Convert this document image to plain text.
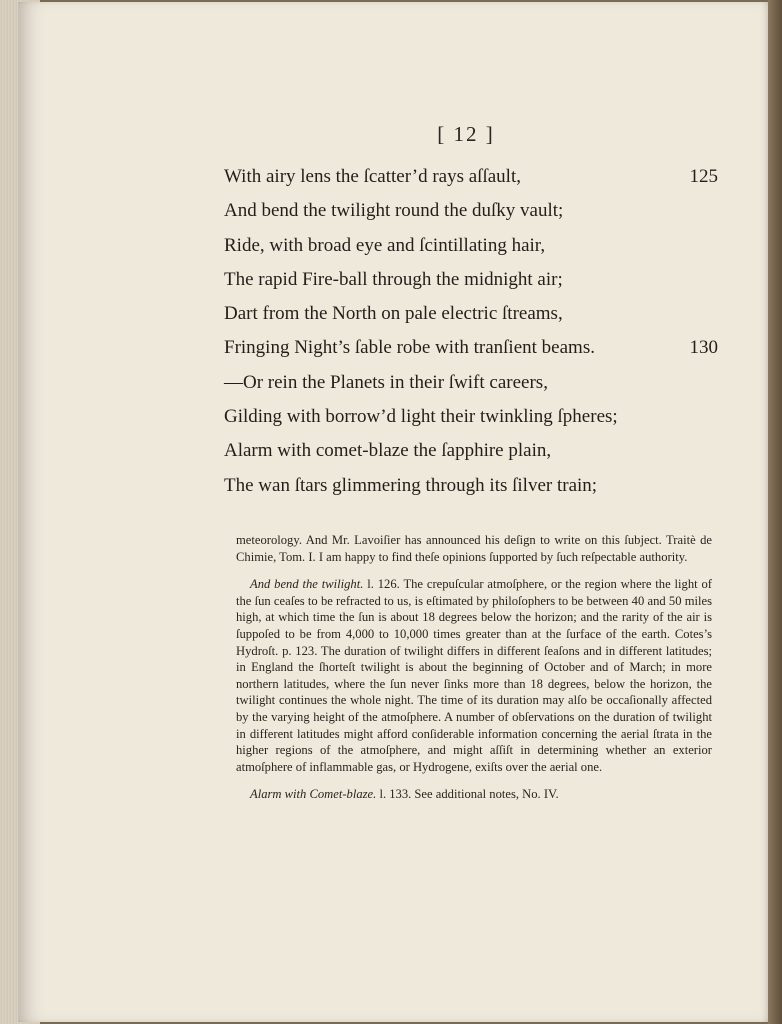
[ 12 ]
With airy lens the ſcatter’d rays aſſault,	125
And bend the twilight round the duſky vault;
Ride, with broad eye and ſcintillating hair,
The rapid Fire-ball through the midnight air;
Dart from the North on pale electric ſtreams,
Fringing Night’s ſable robe with tranſient beams.	130
—Or rein the Planets in their ſwift careers,
Gilding with borrow’d light their twinkling ſpheres;
Alarm with comet-blaze the ſapphire plain,
The wan ſtars glimmering through its ſilver train;

meteorology. And Mr. Lavoiſier has announced his deſign to write on this ſubject. Traitè de Chimie, Tom. I. I am happy to find theſe opinions ſupported by ſuch reſpectable authority.

And bend the twilight. l. 126. The crepuſcular atmoſphere, or the region where the light of the ſun ceaſes to be refracted to us, is eſtimated by philoſophers to be between 40 and 50 miles high, at which time the ſun is about 18 degrees below the horizon; and the rarity of the air is ſuppoſed to be from 4,000 to 10,000 times greater than at the ſurface of the earth. Cotes’s Hydroſt. p. 123. The duration of twilight differs in different ſeaſons and in different latitudes; in England the ſhorteſt twilight is about the beginning of October and of March; in more northern latitudes, where the ſun never ſinks more than 18 degrees, below the horizon, the twilight continues the whole night. The time of its duration may alſo be occaſionally affected by the varying height of the atmoſphere. A number of obſervations on the duration of twilight in different latitudes might afford conſiderable information concerning the aerial ſtrata in the higher regions of the atmoſphere, and might aſſiſt in determining whether an exterior atmoſphere of inflammable gas, or Hydrogene, exiſts over the aerial one.

Alarm with Comet-blaze. l. 133. See additional notes, No. IV.
